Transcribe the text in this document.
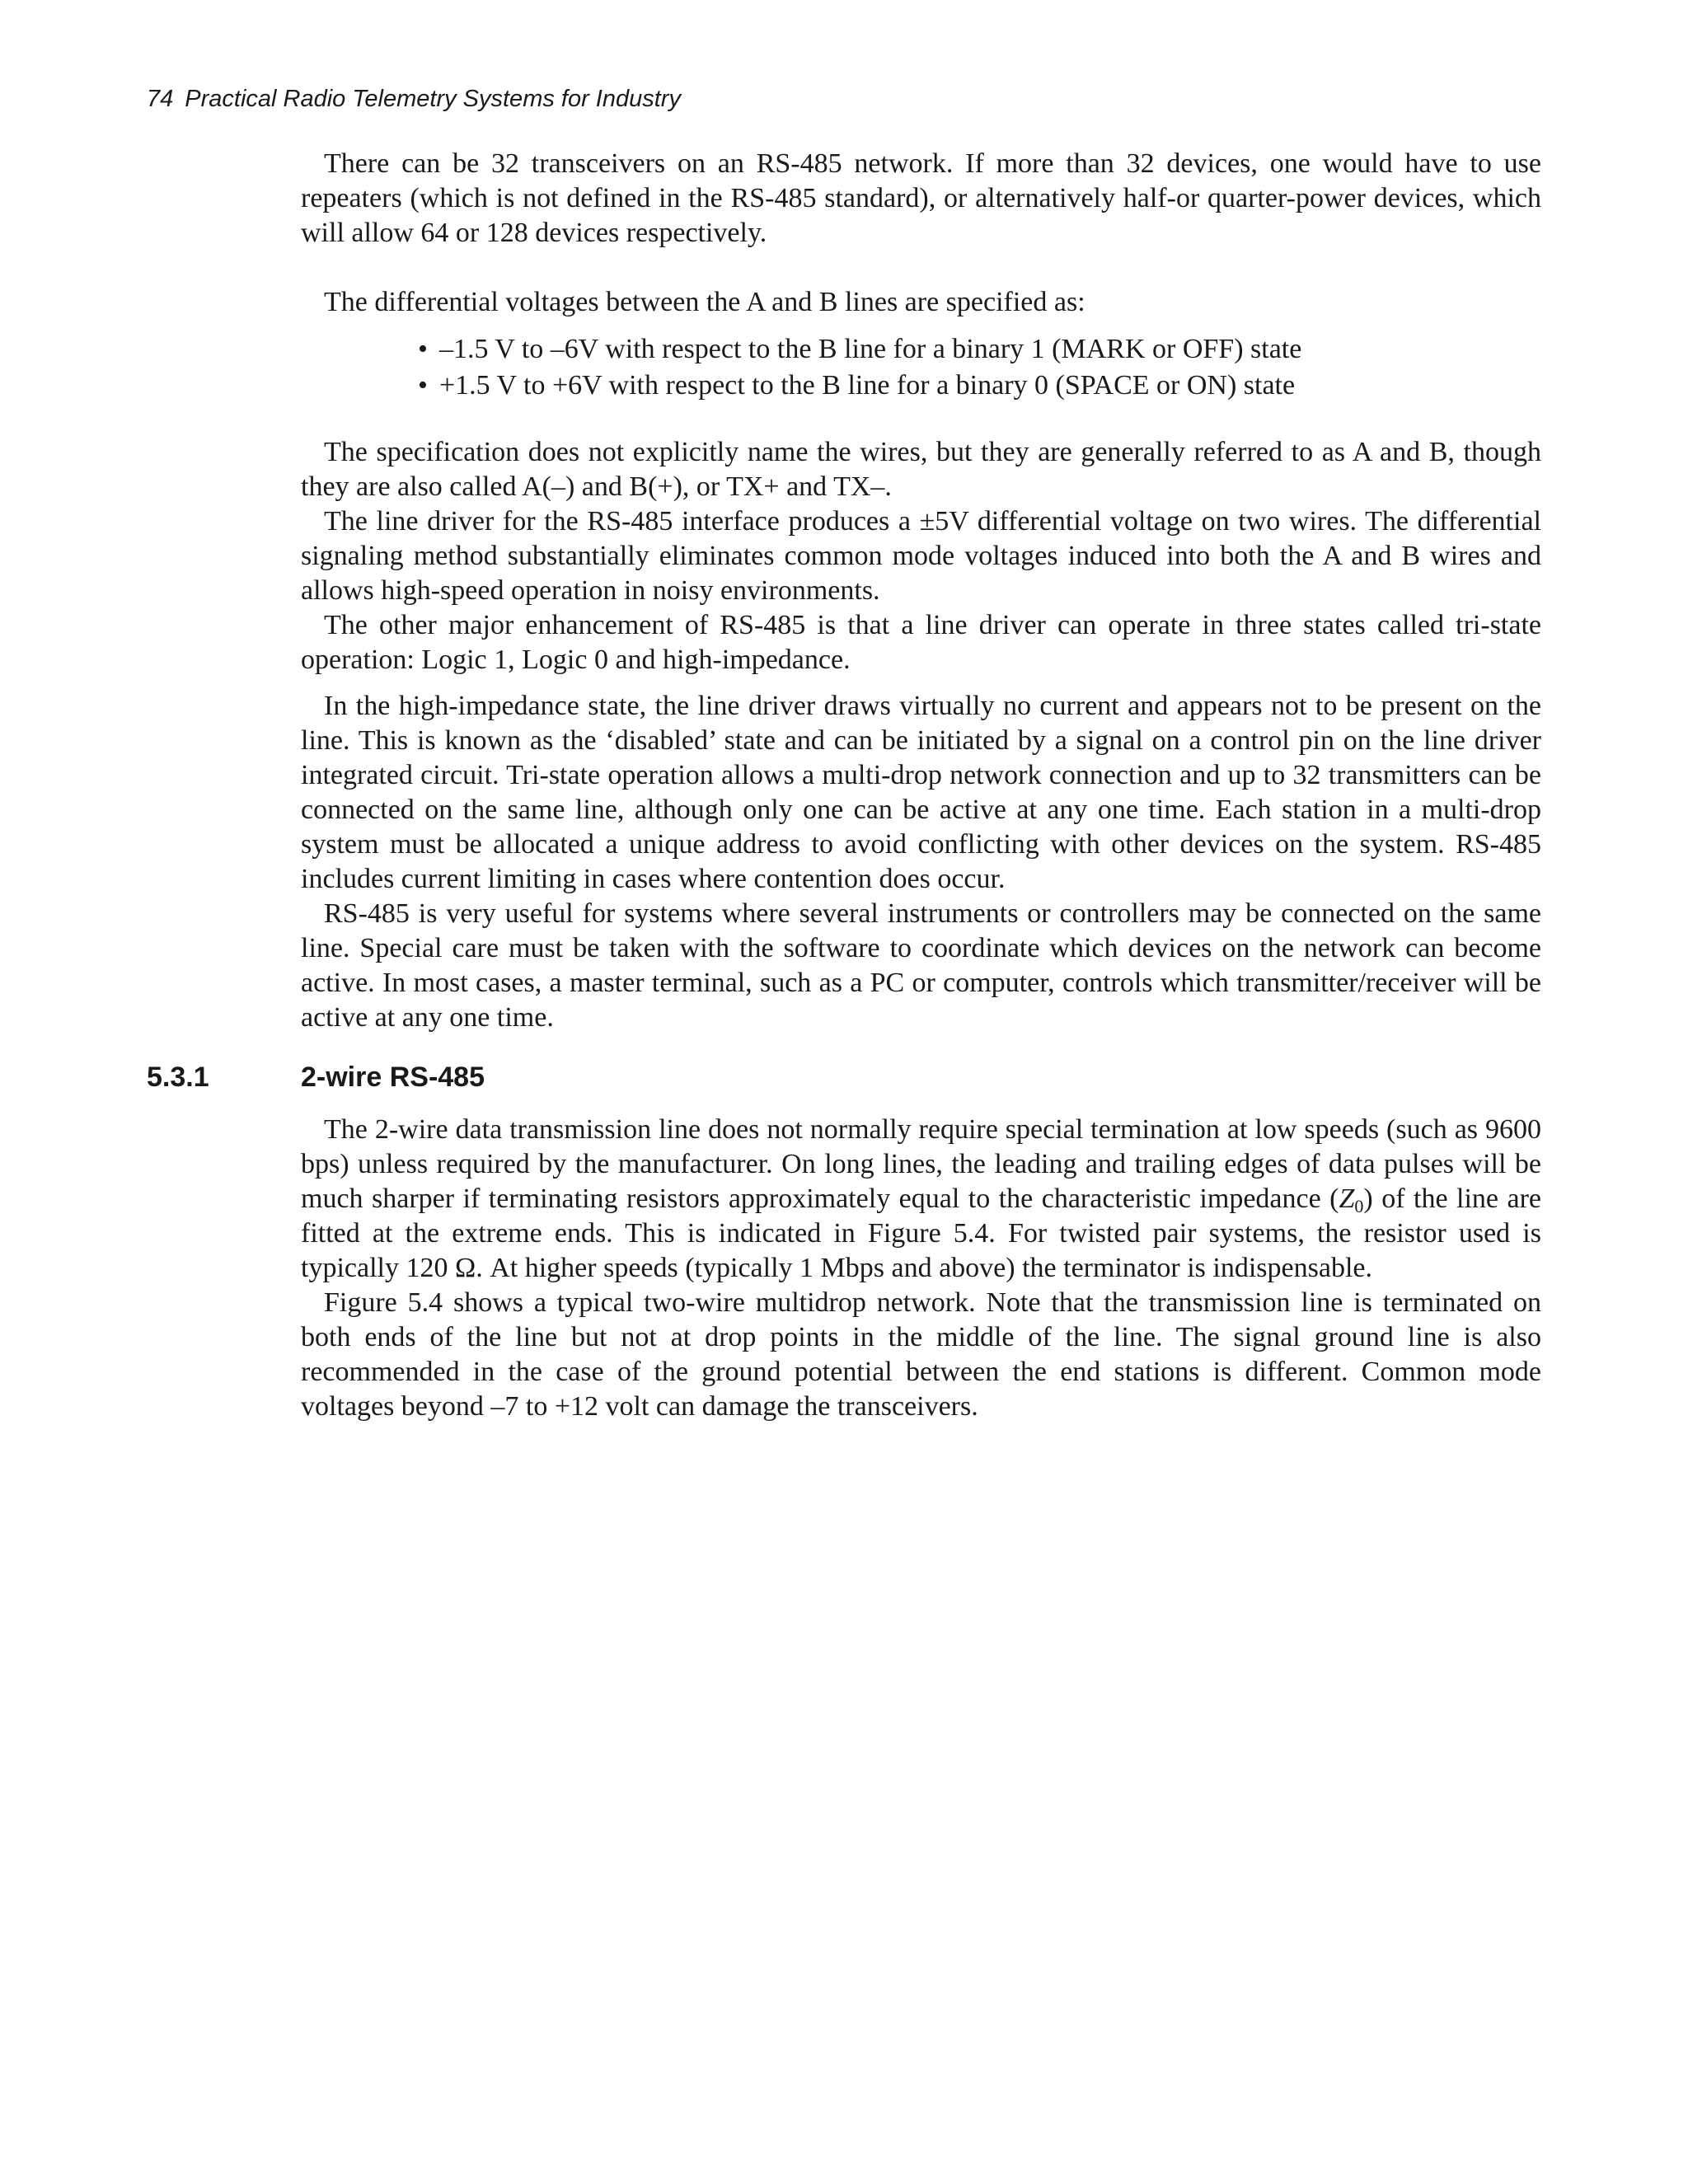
74 Practical Radio Telemetry Systems for Industry

There can be 32 transceivers on an RS-485 network. If more than 32 devices, one would have to use repeaters (which is not defined in the RS-485 standard), or alternatively half-or quarter-power devices, which will allow 64 or 128 devices respectively.

The differential voltages between the A and B lines are specified as:

• –1.5 V to –6V with respect to the B line for a binary 1 (MARK or OFF) state
• +1.5 V to +6V with respect to the B line for a binary 0 (SPACE or ON) state

The specification does not explicitly name the wires, but they are generally referred to as A and B, though they are also called A(–) and B(+), or TX+ and TX–.

The line driver for the RS-485 interface produces a ±5V differential voltage on two wires. The differential signaling method substantially eliminates common mode voltages induced into both the A and B wires and allows high-speed operation in noisy environments.

The other major enhancement of RS-485 is that a line driver can operate in three states called tri-state operation: Logic 1, Logic 0 and high-impedance.

In the high-impedance state, the line driver draws virtually no current and appears not to be present on the line. This is known as the ‘disabled’ state and can be initiated by a signal on a control pin on the line driver integrated circuit. Tri-state operation allows a multi-drop network connection and up to 32 transmitters can be connected on the same line, although only one can be active at any one time. Each station in a multi-drop system must be allocated a unique address to avoid conflicting with other devices on the system. RS-485 includes current limiting in cases where contention does occur.

RS-485 is very useful for systems where several instruments or controllers may be connected on the same line. Special care must be taken with the software to coordinate which devices on the network can become active. In most cases, a master terminal, such as a PC or computer, controls which transmitter/receiver will be active at any one time.

5.3.1	2-wire RS-485

The 2-wire data transmission line does not normally require special termination at low speeds (such as 9600 bps) unless required by the manufacturer. On long lines, the leading and trailing edges of data pulses will be much sharper if terminating resistors approximately equal to the characteristic impedance (Z0) of the line are fitted at the extreme ends. This is indicated in Figure 5.4. For twisted pair systems, the resistor used is typically 120 Ω. At higher speeds (typically 1 Mbps and above) the terminator is indispensable.

Figure 5.4 shows a typical two-wire multidrop network. Note that the transmission line is terminated on both ends of the line but not at drop points in the middle of the line. The signal ground line is also recommended in the case of the ground potential between the end stations is different. Common mode voltages beyond –7 to +12 volt can damage the transceivers.
